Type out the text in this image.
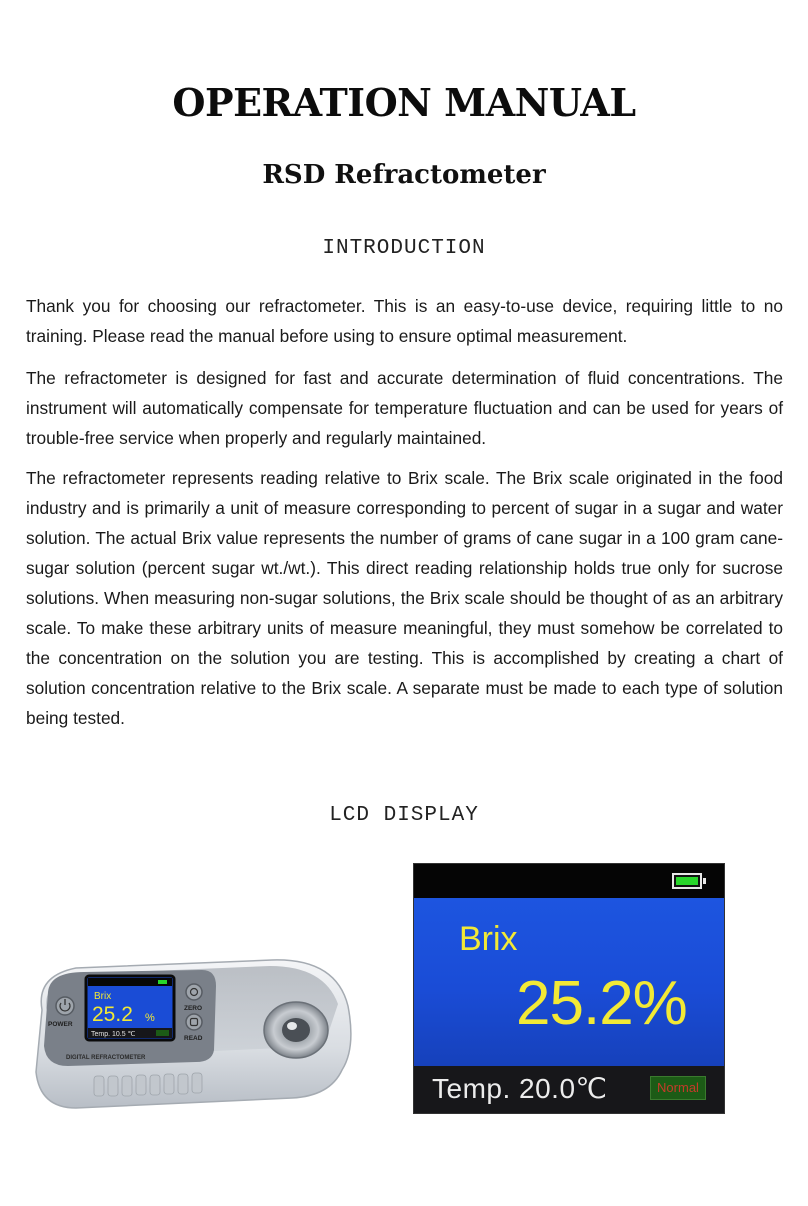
OPERATION MANUAL
RSD Refractometer
INTRODUCTION

Thank you for choosing our refractometer. This is an easy-to-use device, requiring little to no training. Please read the manual before using to ensure optimal measurement.

The refractometer is designed for fast and accurate determination of fluid concentrations. The instrument will automatically compensate for temperature fluctuation and can be used for years of trouble-free service when properly and regularly maintained.

The refractometer represents reading relative to Brix scale. The Brix scale originated in the food industry and is primarily a unit of measure corresponding to percent of sugar in a sugar and water solution. The actual Brix value represents the number of grams of cane sugar in a 100 gram cane-sugar solution (percent sugar wt./wt.). This direct reading relationship holds true only for sucrose solutions. When measuring non-sugar solutions, the Brix scale should be thought of as an arbitrary scale. To make these arbitrary units of measure meaningful, they must somehow be correlated to the concentration on the solution you are testing. This is accomplished by creating a chart of solution concentration relative to the Brix scale. A separate must be made to each type of solution being tested.

LCD DISPLAY
Brix
25.2 %
Temp. 10.5 ℃
POWER
ZERO
READ
DIGITAL REFRACTOMETER
Brix
25.2%
Temp. 20.0℃	Normal
